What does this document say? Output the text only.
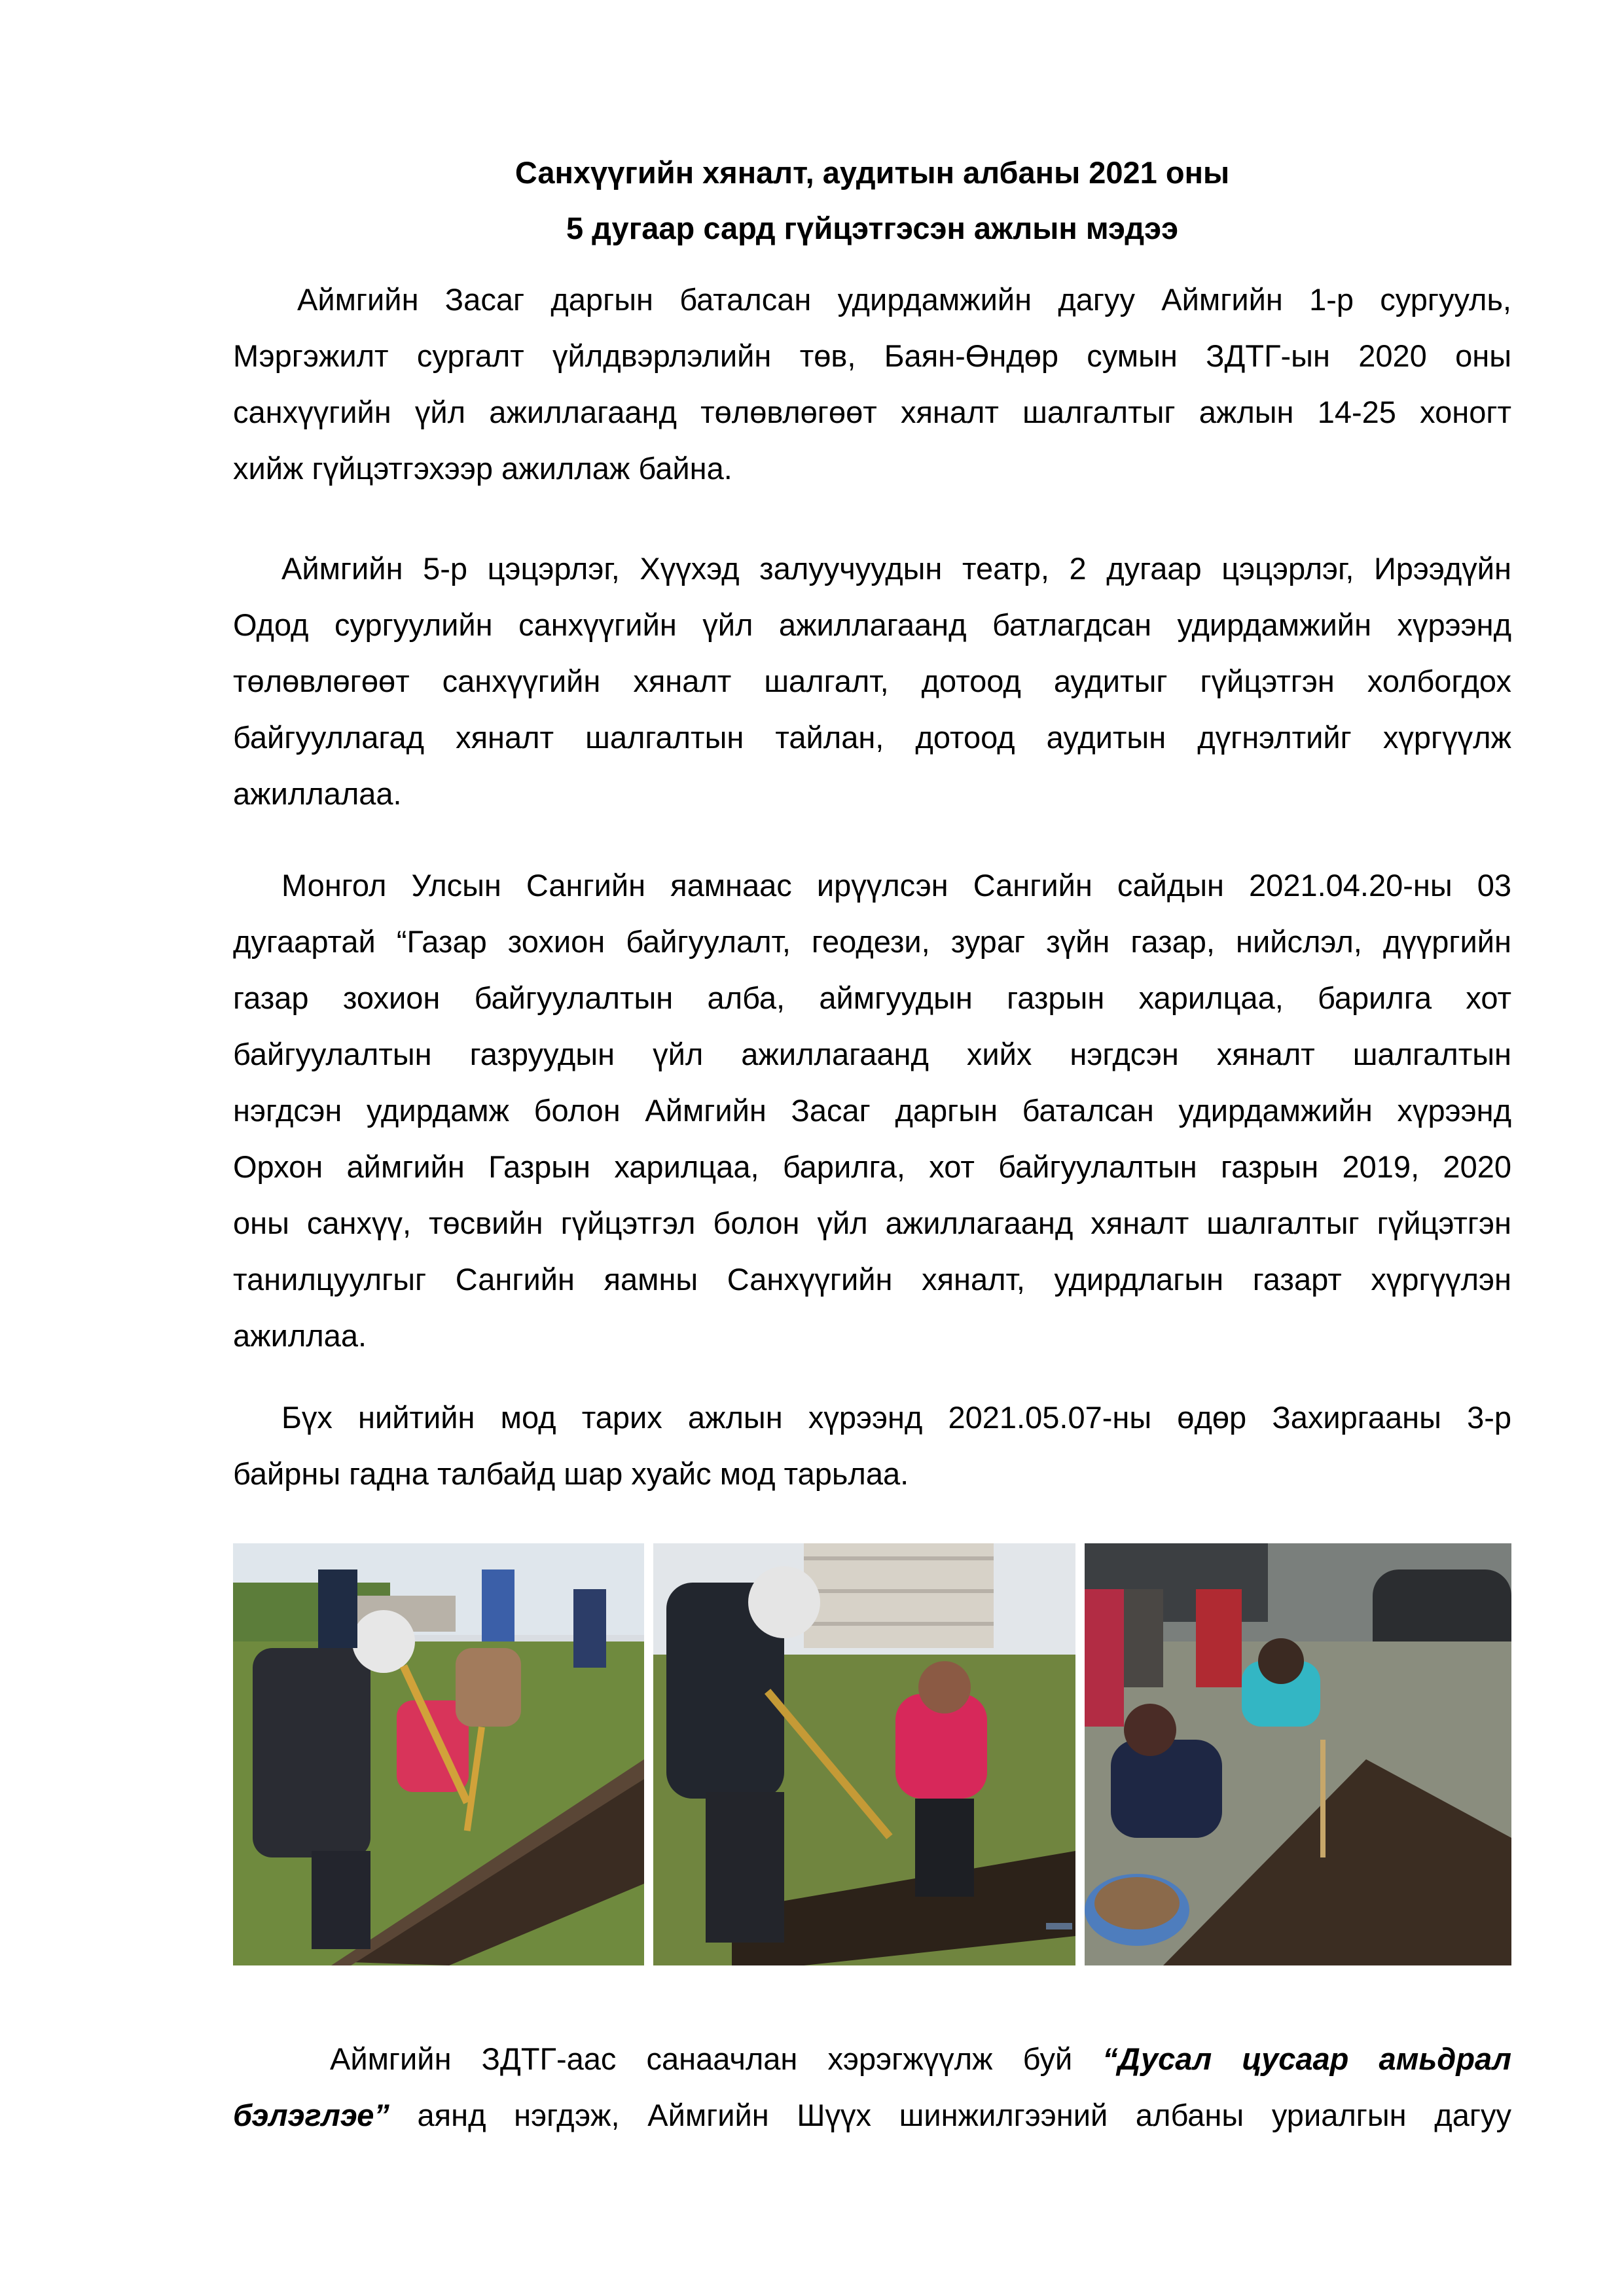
Санхүүгийн хяналт, аудитын албаны 2021 оны
5 дугаар сард гүйцэтгэсэн ажлын мэдээ
Аймгийн Засаг даргын баталсан удирдамжийн дагуу Аймгийн 1-р сургууль,
Мэргэжилт сургалт үйлдвэрлэлийн төв, Баян-Өндөр сумын ЗДТГ-ын 2020 оны
санхүүгийн үйл ажиллагаанд төлөвлөгөөт хяналт шалгалтыг ажлын 14-25 хоногт
хийж гүйцэтгэхээр ажиллаж байна.
Аймгийн 5-р цэцэрлэг, Хүүхэд залуучуудын театр, 2 дугаар цэцэрлэг, Ирээдүйн
Одод сургуулийн санхүүгийн үйл ажиллагаанд батлагдсан удирдамжийн хүрээнд
төлөвлөгөөт санхүүгийн хяналт шалгалт, дотоод аудитыг гүйцэтгэн холбогдох
байгууллагад хяналт шалгалтын тайлан, дотоод аудитын дүгнэлтийг хүргүүлж
ажиллалаа.
Монгол Улсын Сангийн яамнаас ирүүлсэн Сангийн сайдын 2021.04.20-ны 03
дугаартай “Газар зохион байгуулалт, геодези, зураг зүйн газар, нийслэл, дүүргийн
газар зохион байгуулалтын алба, аймгуудын газрын харилцаа, барилга хот
байгуулалтын газруудын үйл ажиллагаанд хийх нэгдсэн хяналт шалгалтын
нэгдсэн удирдамж болон Аймгийн Засаг даргын баталсан удирдамжийн хүрээнд
Орхон аймгийн Газрын харилцаа, барилга, хот байгуулалтын газрын 2019, 2020
оны санхүү, төсвийн гүйцэтгэл болон үйл ажиллагаанд хяналт шалгалтыг гүйцэтгэн
танилцуулгыг Сангийн яамны Санхүүгийн хяналт, удирдлагын газарт хүргүүлэн
ажиллаа.
Бүх нийтийн мод тарих ажлын хүрээнд 2021.05.07-ны өдөр Захиргааны 3-р
байрны гадна талбайд шар хуайс мод тарьлаа.
Аймгийн ЗДТГ-аас санаачлан хэрэгжүүлж буй “Дусал цусаар амьдрал
бэлэглэе” аянд нэгдэж, Аймгийн Шүүх шинжилгээний албаны уриалгын дагуу
